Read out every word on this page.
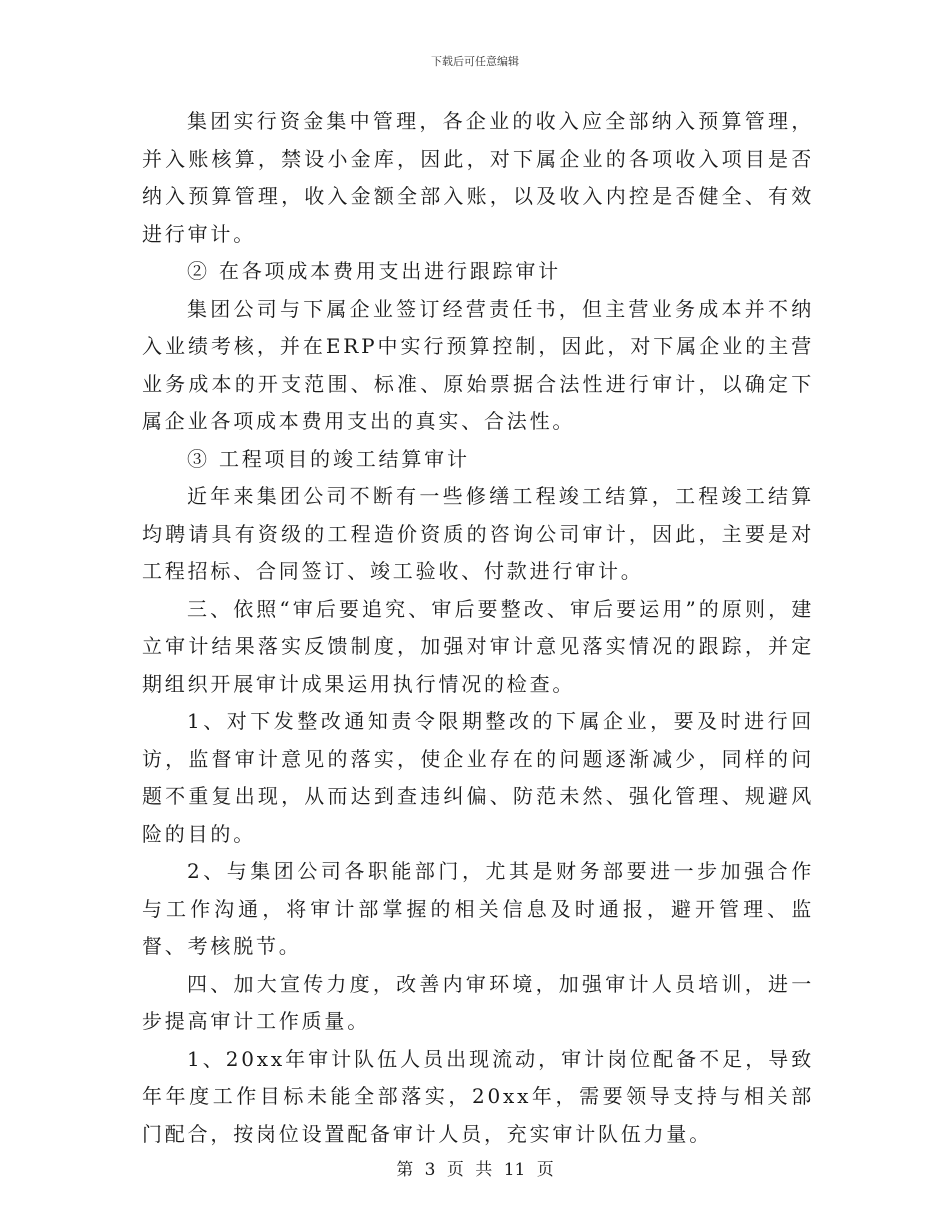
下载后可任意编辑

集团实行资金集中管理，各企业的收入应全部纳入预算管理，并入账核算，禁设小金库，因此，对下属企业的各项收入项目是否纳入预算管理，收入金额全部入账，以及收入内控是否健全、有效进行审计。

② 在各项成本费用支出进行跟踪审计

集团公司与下属企业签订经营责任书，但主营业务成本并不纳入业绩考核，并在ERP中实行预算控制，因此，对下属企业的主营业务成本的开支范围、标准、原始票据合法性进行审计，以确定下属企业各项成本费用支出的真实、合法性。

③ 工程项目的竣工结算审计

近年来集团公司不断有一些修缮工程竣工结算，工程竣工结算均聘请具有资级的工程造价资质的咨询公司审计，因此，主要是对工程招标、合同签订、竣工验收、付款进行审计。

三、依照“审后要追究、审后要整改、审后要运用”的原则，建立审计结果落实反馈制度，加强对审计意见落实情况的跟踪，并定期组织开展审计成果运用执行情况的检查。

1、对下发整改通知责令限期整改的下属企业，要及时进行回访，监督审计意见的落实，使企业存在的问题逐渐减少，同样的问题不重复出现，从而达到查违纠偏、防范未然、强化管理、规避风险的目的。

2、与集团公司各职能部门，尤其是财务部要进一步加强合作与工作沟通，将审计部掌握的相关信息及时通报，避开管理、监督、考核脱节。

四、加大宣传力度，改善内审环境，加强审计人员培训，进一步提高审计工作质量。

1、20xx年审计队伍人员出现流动，审计岗位配备不足，导致年年度工作目标未能全部落实，20xx年，需要领导支持与相关部门配合，按岗位设置配备审计人员，充实审计队伍力量。

第 3 页 共 11 页
